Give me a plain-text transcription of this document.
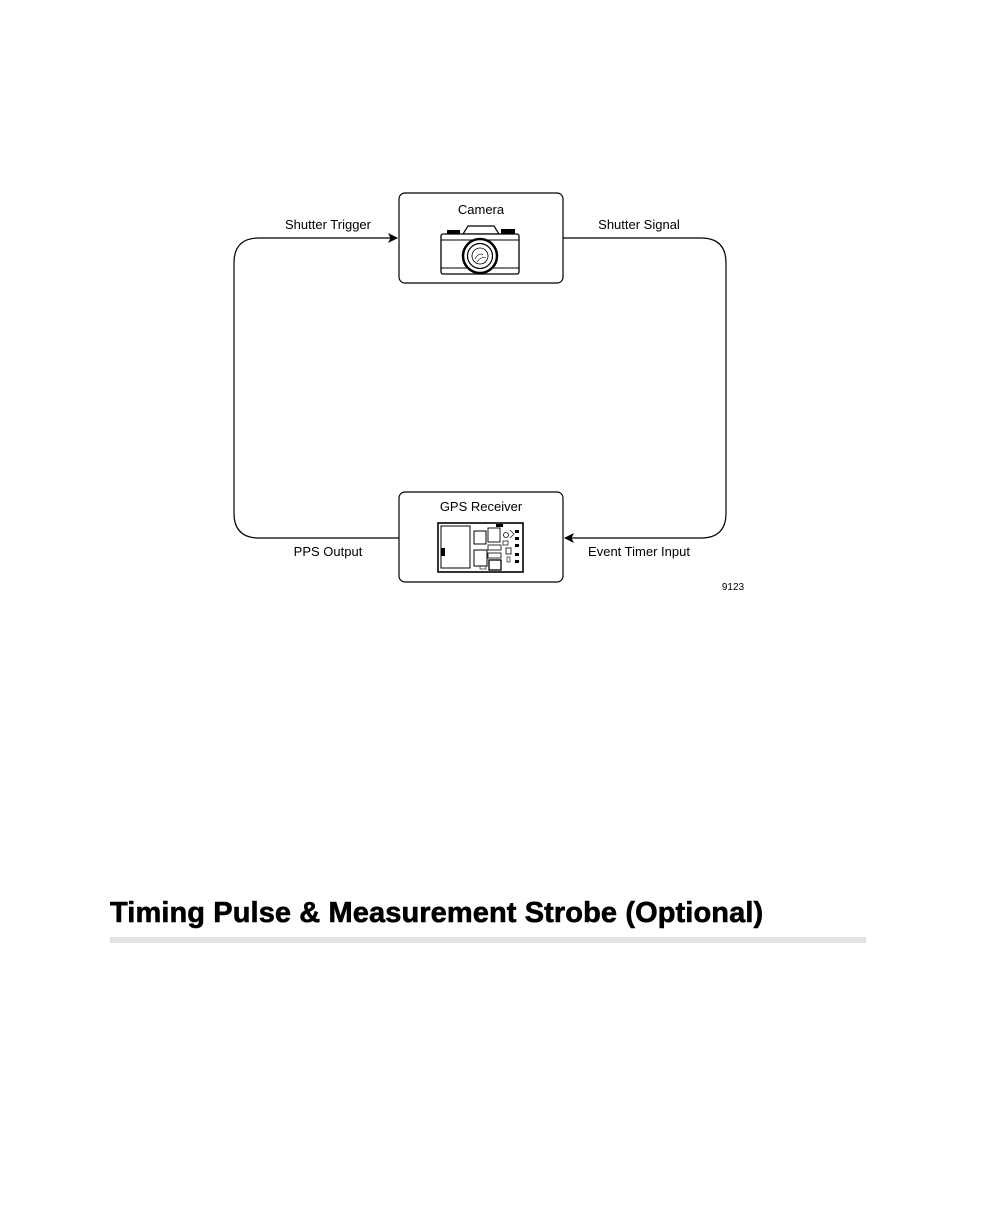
Camera
GPS Receiver
Shutter Trigger	Shutter Signal
PPS Output	Event Timer Input
9123
Timing Pulse & Measurement Strobe (Optional)
